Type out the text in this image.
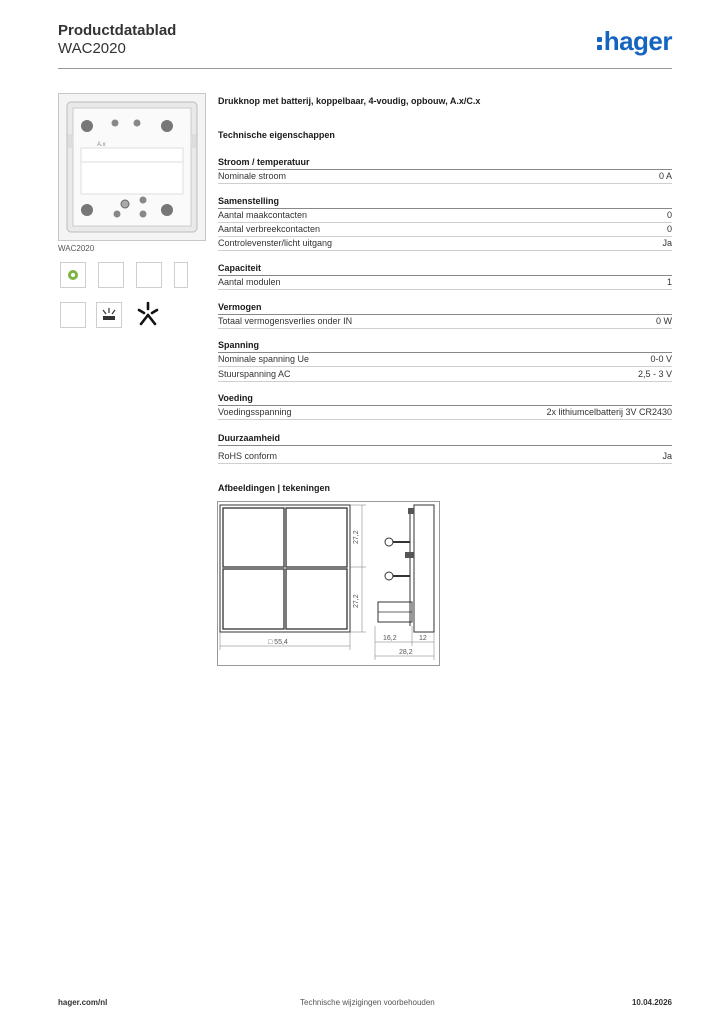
Productdatablad
WAC2020	hager
A.x
WAC2020
Drukknop met batterij, koppelbaar, 4-voudig, opbouw, A.x/C.x
Technische eigenschappen
Stroom / temperatuur
Nominale stroom	0 A
Samenstelling
Aantal maakcontacten	0
Aantal verbreekcontacten	0
Controlevenster/licht uitgang	Ja
Capaciteit
Aantal modulen	1
Vermogen
Totaal vermogensverlies onder IN	0 W
Spanning
Nominale spanning Ue	0-0 V
Stuurspanning AC	2,5 - 3 V
Voeding
Voedingsspanning	2x lithiumcelbatterij 3V CR2430
Duurzaamheid
RoHS conform	Ja
Afbeeldingen | tekeningen
27,2
27,2
□ 55,4
16,2	12
28,2
hager.com/nl	Technische wijzigingen voorbehouden	10.04.2026
